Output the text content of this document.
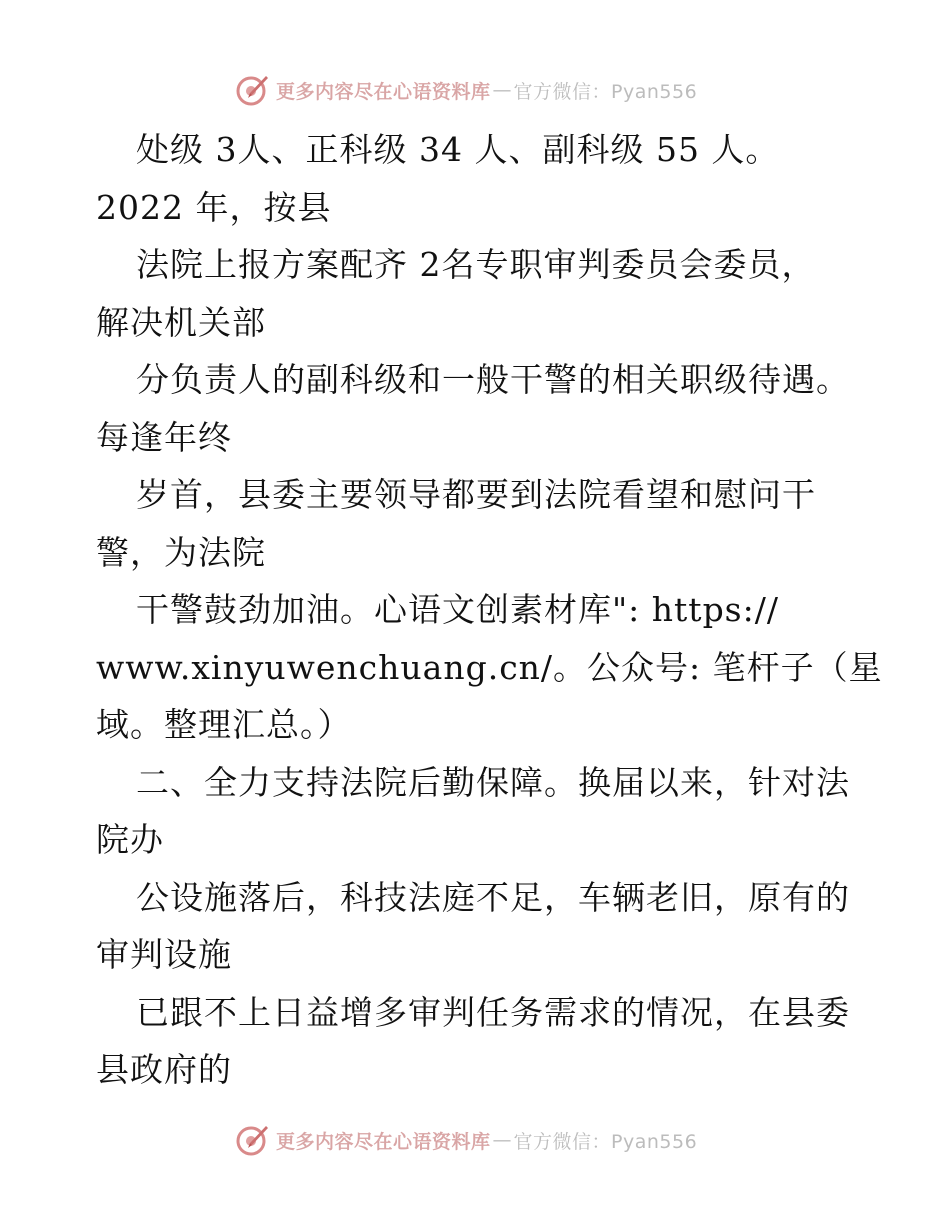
更多内容尽在心语资料库 — 官方微信：Pyan556
处级 3人、正科级 34 人、副科级 55 人。
2022 年，按县
法院上报方案配齐 2名专职审判委员会委员，
解决机关部
分负责人的副科级和一般干警的相关职级待遇。
每逢年终
岁首，县委主要领导都要到法院看望和慰问干
警，为法院
干警鼓劲加油。心语文创素材库": https://
www.xinyuwenchuang.cn/。公众号: 笔杆子（星
域。整理汇总。）
二、全力支持法院后勤保障。换届以来，针对法
院办
公设施落后，科技法庭不足，车辆老旧，原有的
审判设施
已跟不上日益增多审判任务需求的情况，在县委
县政府的
更多内容尽在心语资料库 — 官方微信：Pyan556
